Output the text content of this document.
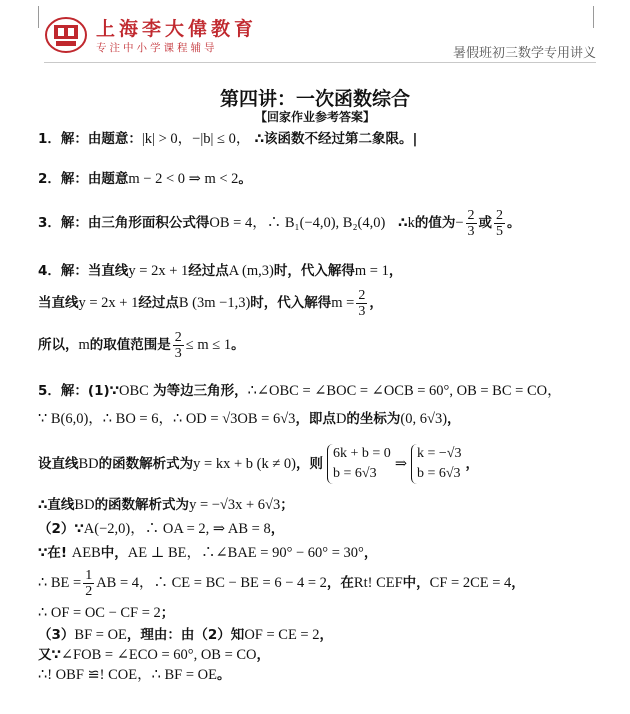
上海李大偉教育
专注中小学课程辅导	暑假班初三数学专用讲义
第四讲：一次函数综合
【回家作业参考答案】
1．解：由题意：|k| > 0，−|b| ≤ 0， ∴该函数不经过第二象限。|
2．解：由题意m − 2 < 0 ⇒ m < 2。
3．解： 由三角形面积公式得 OB = 4，∴ B₁(−4,0), B₂(4,0)
∴ k 的值为 − $\frac{2}{3}$ 或 $\frac{2}{5}$ 。
4．解：当直线y = 2x + 1经过点A (m,3)时，代入解得m = 1，
当直线 y = 2x + 1 经过点 B (3m −1,3) 时，代入解得 $m = \frac{2}{3}$ ，
所以， m 的取值范围是 $\frac{2}{3} \le m \le 1$ 。
5．解：(1)∵OBC 为等边三角形，∴∠OBC = ∠BOC = ∠OCB = 60°, OB = BC = CO，
∵ B(6,0)，∴ BO = 6，∴ OD = √3OB = 6√3，即点D的坐标为(0, 6√3)，
设直线 BD 的函数解析式为 y = kx + b (k ≠ 0) ，则
6k + b = 0
b = 6√3
⇒
k = −√3
b = 6√3
，
∴直线BD的函数解析式为y = −√3x + 6√3；
（2）∵A(−2,0)，∴ OA = 2, ⇒ AB = 8，
∵在! AEB中，AE ⊥ BE，∴∠BAE = 90° − 60° = 30°，
∴ BE = $\frac{1}{2}$ AB = 4，∴ CE = BC − BE = 6 − 4 = 2 ，在 Rt! CEF 中， CF = 2CE = 4 ，
∴ OF = OC − CF = 2；
（3）BF = OE，理由：由（2）知OF = CE = 2，
又∵∠FOB = ∠ECO = 60°, OB = CO，
∴! OBF ≌! COE，∴ BF = OE。
